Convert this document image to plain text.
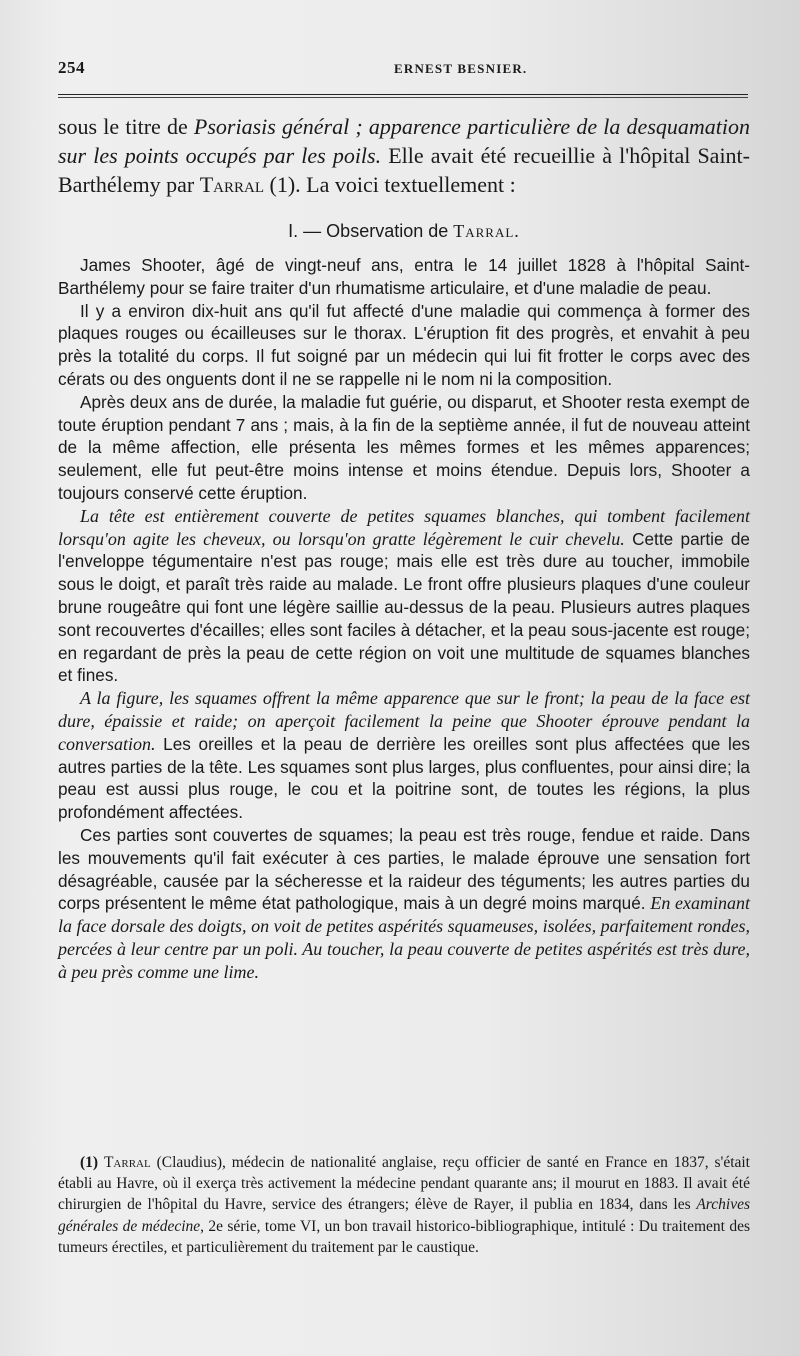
254	ERNEST BESNIER.

sous le titre de Psoriasis général ; apparence particulière de la desquamation sur les points occupés par les poils. Elle avait été recueillie à l'hôpital Saint-Barthélemy par Tarral (1). La voici textuellement :

I. — Observation de Tarral.

James Shooter, âgé de vingt-neuf ans, entra le 14 juillet 1828 à l'hôpital Saint-Barthélemy pour se faire traiter d'un rhumatisme articulaire, et d'une maladie de peau.

Il y a environ dix-huit ans qu'il fut affecté d'une maladie qui commença à former des plaques rouges ou écailleuses sur le thorax. L'éruption fit des progrès, et envahit à peu près la totalité du corps. Il fut soigné par un médecin qui lui fit frotter le corps avec des cérats ou des onguents dont il ne se rappelle ni le nom ni la composition.

Après deux ans de durée, la maladie fut guérie, ou disparut, et Shooter resta exempt de toute éruption pendant 7 ans ; mais, à la fin de la septième année, il fut de nouveau atteint de la même affection, elle présenta les mêmes formes et les mêmes apparences; seulement, elle fut peut-être moins intense et moins étendue. Depuis lors, Shooter a toujours conservé cette éruption.

La tête est entièrement couverte de petites squames blanches, qui tombent facilement lorsqu'on agite les cheveux, ou lorsqu'on gratte légèrement le cuir chevelu. Cette partie de l'enveloppe tégumentaire n'est pas rouge; mais elle est très dure au toucher, immobile sous le doigt, et paraît très raide au malade. Le front offre plusieurs plaques d'une couleur brune rougeâtre qui font une légère saillie au-dessus de la peau. Plusieurs autres plaques sont recouvertes d'écailles; elles sont faciles à détacher, et la peau sous-jacente est rouge; en regardant de près la peau de cette région on voit une multitude de squames blanches et fines.

A la figure, les squames offrent la même apparence que sur le front; la peau de la face est dure, épaissie et raide; on aperçoit facilement la peine que Shooter éprouve pendant la conversation. Les oreilles et la peau de derrière les oreilles sont plus affectées que les autres parties de la tête. Les squames sont plus larges, plus confluentes, pour ainsi dire; la peau est aussi plus rouge, le cou et la poitrine sont, de toutes les régions, la plus profondément affectées.

Ces parties sont couvertes de squames; la peau est très rouge, fendue et raide. Dans les mouvements qu'il fait exécuter à ces parties, le malade éprouve une sensation fort désagréable, causée par la sécheresse et la raideur des téguments; les autres parties du corps présentent le même état pathologique, mais à un degré moins marqué. En examinant la face dorsale des doigts, on voit de petites aspérités squameuses, isolées, parfaitement rondes, percées à leur centre par un poli. Au toucher, la peau couverte de petites aspérités est très dure, à peu près comme une lime.

(1) Tarral (Claudius), médecin de nationalité anglaise, reçu officier de santé en France en 1837, s'était établi au Havre, où il exerça très activement la médecine pendant quarante ans; il mourut en 1883. Il avait été chirurgien de l'hôpital du Havre, service des étrangers; élève de Rayer, il publia en 1834, dans les Archives générales de médecine, 2e série, tome VI, un bon travail historico-bibliographique, intitulé : Du traitement des tumeurs érectiles, et particulièrement du traitement par le caustique.
